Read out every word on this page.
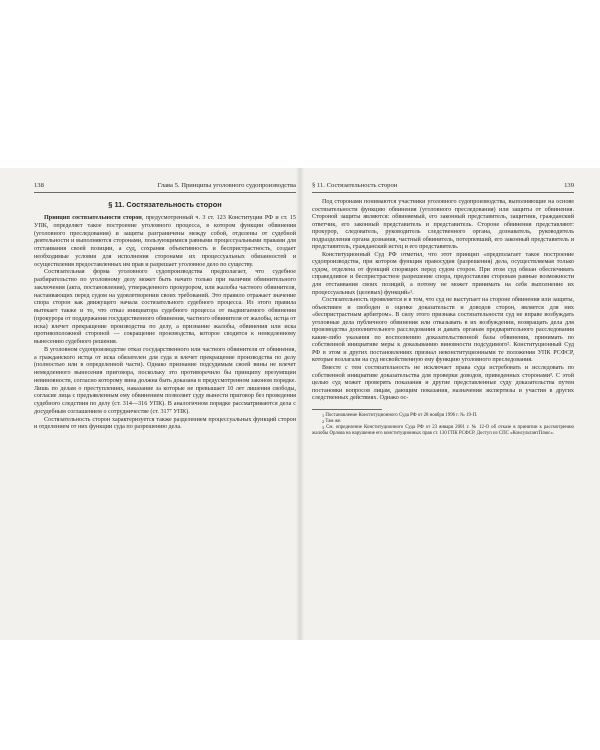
138	Глава 5. Принципы уголовного судопроизводства
§ 11. Состязательность сторон

Принцип состязательности сторон, предусмотренный ч. 3 ст. 123 Конституции РФ и ст. 15 УПК, определяет такое построение уголовного процесса, в котором функции обвинения (уголовного преследования) и защиты разграничены между собой, отделены от судебной деятельности и выполняются сторонами, пользующимися равными процессуальными правами для отстаивания своей позиции, а суд, сохраняя объективность и беспристрастность, создает необходимые условия для исполнения сторонами их процессуальных обязанностей и осуществления предоставленных им прав и разрешает уголовное дело по существу.

Состязательная форма уголовного судопроизводства предполагает, что судебное разбирательство по уголовному делу может быть начато только при наличии обвинительного заключения (акта, постановления), утвержденного прокурором, или жалобы частного обвинителя, настаивающих перед судом на удовлетворении своих требований. Это правило отражает значение спора сторон как движущего начала состязательного судебного процесса. Из этого правила вытекает также и то, что отказ инициатора судебного процесса от выдвигаемого обвинения (прокурора от поддержания государственного обвинения, частного обвинителя от жалобы, истца от иска) влечет прекращение производства по делу, а признание жалобы, обвинения или иска противоположной стороной — сокращение производства, которое сводится к немедленному вынесению судебного решения.

В уголовном судопроизводстве отказ государственного или частного обвинителя от обвинения, а гражданского истца от иска обязателен для суда и влечет прекращение производства по делу (полностью или в определенной части). Однако признание подсудимым своей вины не влечет немедленного вынесения приговора, поскольку это противоречило бы принципу презумпции невиновности, согласно которому вина должна быть доказана в предусмотренном законом порядке. Лишь по делам о преступлениях, наказание за которые не превышает 10 лет лишения свободы, согласие лица с предъявленным ему обвинением позволяет суду вынести приговор без проведения судебного следствия по делу (ст. 314—316 УПК). В аналогичном порядке рассматриваются дела с досудебным соглашением о сотрудничестве (ст. 317⁷ УПК).

Состязательность сторон характеризуется также разделением процессуальных функций сторон и отделением от них функции суда по разрешению дела.

§ 11. Состязательность сторон	139

Под сторонами понимаются участники уголовного судопроизводства, выполняющие на основе состязательности функцию обвинения (уголовного преследования) или защиты от обвинения. Стороной защиты являются: обвиняемый, его законный представитель, защитник, гражданский ответчик, его законный представитель и представитель. Стороне обвинения представляют: прокурор, следователь, руководитель следственного органа, дознаватель, руководитель подразделения органа дознания, частный обвинитель, потерпевший, его законный представитель и представитель, гражданский истец и его представитель.

Конституционный Суд РФ отметил, что этот принцип «предполагает такое построение судопроизводства, при котором функция правосудия (разрешения) дела, осуществляемая только судом, отделена от функций спорящих перед судом сторон. При этом суд обязан обеспечивать справедливое и беспристрастное разрешение спора, предоставляя сторонам равные возможности для отстаивания своих позиций, а потому не может принимать на себя выполнение их процессуальных (целевых) функций»¹.

Состязательность проявляется и в том, что суд не выступает на стороне обвинения или защиты, объективен и свободен в оценке доказательств и доводов сторон, является для них «беспристрастным арбитром». В силу этого признака состязательности суд не вправе возбуждать уголовные дела публичного обвинения или отказывать в их возбуждении, возвращать дела для производства дополнительного расследования и давать органам предварительного расследования какие-либо указания по восполнению доказательственной базы обвинения, принимать по собственной инициативе меры к доказыванию виновности подсудимого². Конституционный Суд РФ в этом и других постановлениях признал неконституционными те положения УПК РСФСР, которые возлагали на суд несвойственную ему функцию уголовного преследования.

Вместе с тем состязательность не исключает права суда истребовать и исследовать по собственной инициативе доказательства для проверки доводов, приведенных сторонами³. С этой целью суд может проверять показания и другие представленные суду доказательства путем постановки вопросов лицам, дающим показания, назначения экспертизы и участия в других следственных действиях. Однако ос-

1 Постановление Конституционного Суда РФ от 28 ноября 1996 г. № 19-П.
2 Там же.
3 См. определение Конституционного Суда РФ от 23 января 2001 г. № 12-О об отказе в принятии к рассмотрению жалобы Орлова на нарушение его конституционных прав ст. 130 ГПК РСФСР. Доступ из СПС «КонсультантПлюс».
